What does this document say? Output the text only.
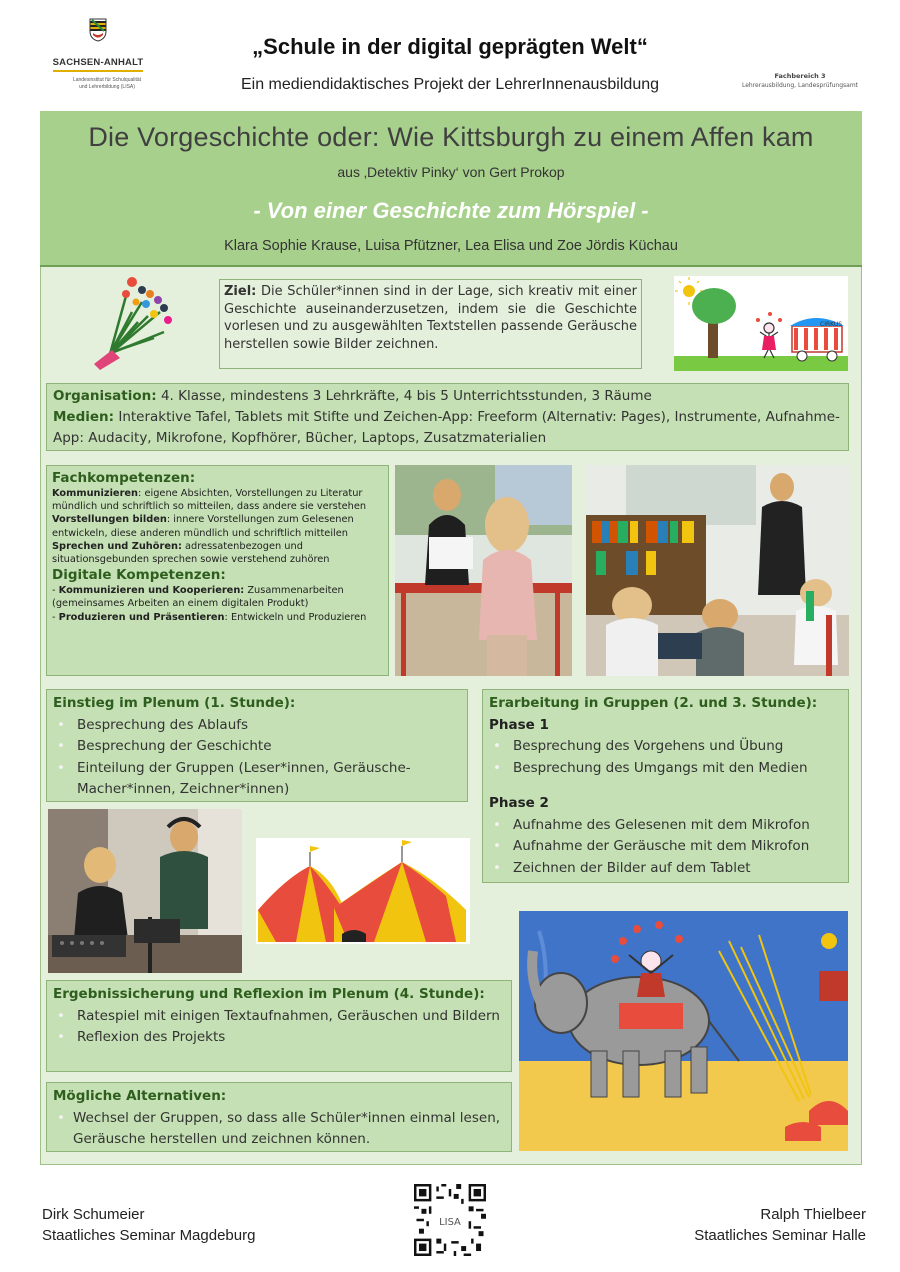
SACHSEN-ANHALT
Landesinstitut für Schulqualität
und Lehrerbildung (LISA)
„Schule in der digital geprägten Welt“
Ein mediendidaktisches Projekt der LehrerInnenausbildung	Fachbereich 3
Lehrerausbildung, Landesprüfungsamt
Die Vorgeschichte oder: Wie Kittsburgh zu einem Affen kam
aus ‚Detektiv Pinky‘ von Gert Prokop
- Von einer Geschichte zum Hörspiel -
Klara Sophie Krause, Luisa Pfützner, Lea Elisa und Zoe Jördis Küchau
Ziel: Die Schüler*innen sind in der Lage, sich kreativ mit einer Geschichte auseinanderzusetzen, indem sie die Geschichte vorlesen und zu ausgewählten Textstellen passende Geräusche herstellen sowie Bilder zeichnen.
CIRKUS
Organisation: 4. Klasse, mindestens 3 Lehrkräfte, 4 bis 5 Unterrichtsstunden, 3 Räume
Medien: Interaktive Tafel, Tablets mit Stifte und Zeichen-App: Freeform (Alternativ: Pages), Instrumente, Aufnahme-App: Audacity, Mikrofone, Kopfhörer, Bücher, Laptops, Zusatzmaterialien
Fachkompetenzen:
Kommunizieren: eigene Absichten, Vorstellungen zu Literatur mündlich und schriftlich so mitteilen, dass andere sie verstehen
Vorstellungen bilden: innere Vorstellungen zum Gelesenen entwickeln, diese anderen mündlich und schriftlich mitteilen
Sprechen und Zuhören: adressatenbezogen und situationsgebunden sprechen sowie verstehend zuhören
Digitale Kompetenzen:
- Kommunizieren und Kooperieren: Zusammenarbeiten (gemeinsames Arbeiten an einem digitalen Produkt)
- Produzieren und Präsentieren: Entwickeln und Produzieren
Einstieg im Plenum (1. Stunde):
• Besprechung des Ablaufs
• Besprechung der Geschichte
• Einteilung der Gruppen (Leser*innen, Geräusche-Macher*innen, Zeichner*innen)
Erarbeitung in Gruppen (2. und 3. Stunde):
Phase 1
• Besprechung des Vorgehens und Übung
• Besprechung des Umgangs mit den Medien
Phase 2
• Aufnahme des Gelesenen mit dem Mikrofon
• Aufnahme der Geräusche mit dem Mikrofon
• Zeichnen der Bilder auf dem Tablet
Ergebnissicherung und Reflexion im Plenum (4. Stunde):
• Ratespiel mit einigen Textaufnahmen, Geräuschen und Bildern
• Reflexion des Projekts
Mögliche Alternativen:
• Wechsel der Gruppen, so dass alle Schüler*innen einmal lesen, Geräusche herstellen und zeichnen können.
Dirk Schumeier
Staatliches Seminar Magdeburg
LISA	Ralph Thielbeer
Staatliches Seminar Halle
